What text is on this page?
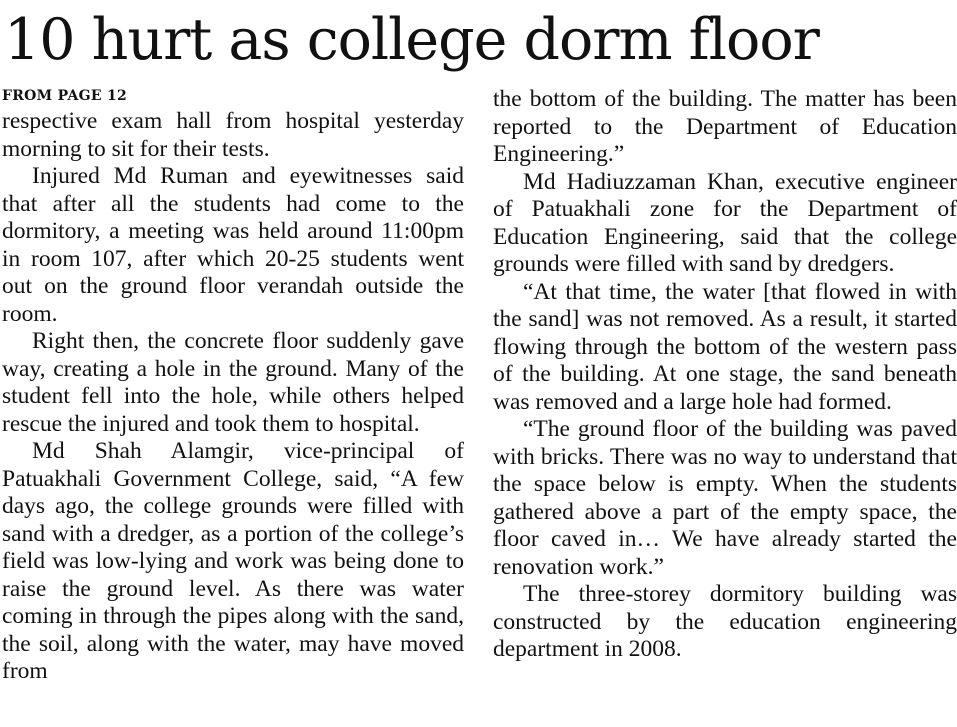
10 hurt as college dorm floor
FROM PAGE 12

respective exam hall from hospital yesterday morning to sit for their tests.

Injured Md Ruman and eyewitnesses said that after all the students had come to the dormitory, a meeting was held around 11:00pm in room 107, after which 20-25 students went out on the ground floor verandah outside the room.

Right then, the concrete floor suddenly gave way, creating a hole in the ground. Many of the student fell into the hole, while others helped rescue the injured and took them to hospital.

Md Shah Alamgir, vice-principal of Patuakhali Government College, said, “A few days ago, the college grounds were filled with sand with a dredger, as a portion of the college’s field was low-lying and work was being done to raise the ground level. As there was water coming in through the pipes along with the sand, the soil, along with the water, may have moved from

the bottom of the building. The matter has been reported to the Department of Education Engineering.”

Md Hadiuzzaman Khan, executive engineer of Patuakhali zone for the Department of Education Engineering, said that the college grounds were filled with sand by dredgers.

“At that time, the water [that flowed in with the sand] was not removed. As a result, it started flowing through the bottom of the western pass of the building. At one stage, the sand beneath was removed and a large hole had formed.

“The ground floor of the building was paved with bricks. There was no way to understand that the space below is empty. When the students gathered above a part of the empty space, the floor caved in… We have already started the renovation work.”

The three-storey dormitory building was constructed by the education engineering department in 2008.
